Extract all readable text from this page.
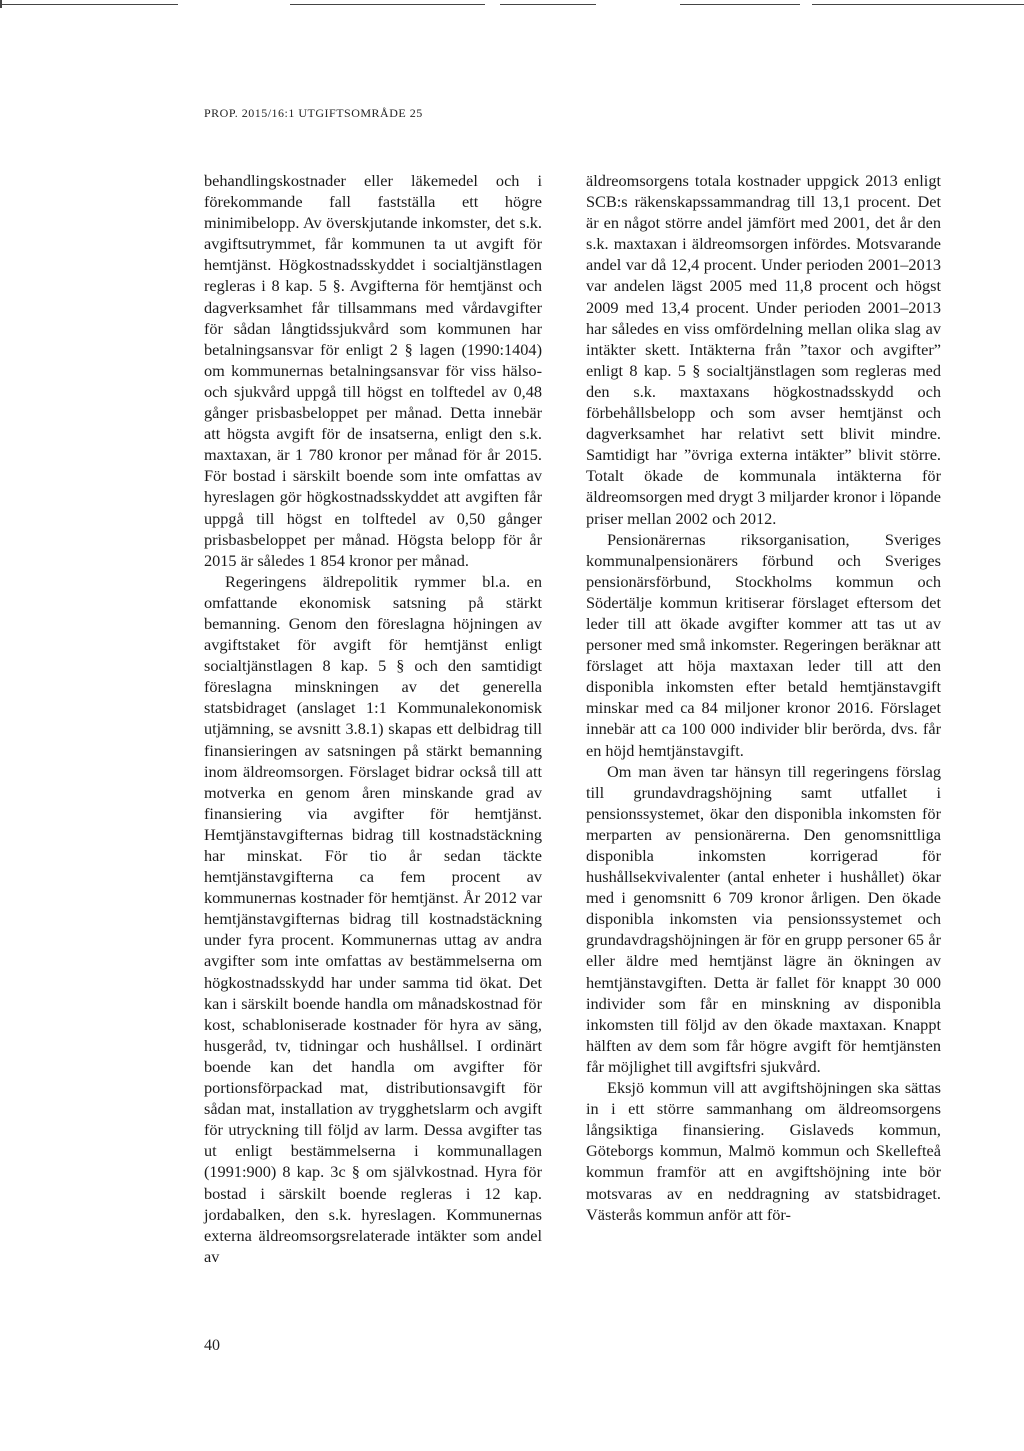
PROP. 2015/16:1 UTGIFTSOMRÅDE 25

behandlingskostnader eller läkemedel och i förekommande fall fastställa ett högre minimibelopp. Av överskjutande inkomster, det s.k. avgiftsutrymmet, får kommunen ta ut avgift för hemtjänst. Högkostnadsskyddet i socialtjänstlagen regleras i 8 kap. 5 §. Avgifterna för hemtjänst och dagverksamhet får tillsammans med vårdavgifter för sådan långtidssjukvård som kommunen har betalningsansvar för enligt 2 § lagen (1990:1404) om kommunernas betalningsansvar för viss hälso- och sjukvård uppgå till högst en tolftedel av 0,48 gånger prisbasbeloppet per månad. Detta innebär att högsta avgift för de insatserna, enligt den s.k. maxtaxan, är 1 780 kronor per månad för år 2015. För bostad i särskilt boende som inte omfattas av hyreslagen gör högkostnadsskyddet att avgiften får uppgå till högst en tolftedel av 0,50 gånger prisbasbeloppet per månad. Högsta belopp för år 2015 är således 1 854 kronor per månad.

Regeringens äldrepolitik rymmer bl.a. en omfattande ekonomisk satsning på stärkt bemanning. Genom den föreslagna höjningen av avgiftstaket för avgift för hemtjänst enligt socialtjänstlagen 8 kap. 5 § och den samtidigt föreslagna minskningen av det generella statsbidraget (anslaget 1:1 Kommunalekonomisk utjämning, se avsnitt 3.8.1) skapas ett delbidrag till finansieringen av satsningen på stärkt bemanning inom äldreomsorgen. Förslaget bidrar också till att motverka en genom åren minskande grad av finansiering via avgifter för hemtjänst. Hemtjänstavgifternas bidrag till kostnadstäckning har minskat. För tio år sedan täckte hemtjänstavgifterna ca fem procent av kommunernas kostnader för hemtjänst. År 2012 var hemtjänstavgifternas bidrag till kostnadstäckning under fyra procent. Kommunernas uttag av andra avgifter som inte omfattas av bestämmelserna om högkostnadsskydd har under samma tid ökat. Det kan i särskilt boende handla om månadskostnad för kost, schabloniserade kostnader för hyra av säng, husgeråd, tv, tidningar och hushållsel. I ordinärt boende kan det handla om avgifter för portionsförpackad mat, distributionsavgift för sådan mat, installation av trygghetslarm och avgift för utryckning till följd av larm. Dessa avgifter tas ut enligt bestämmelserna i kommunallagen (1991:900) 8 kap. 3c § om självkostnad. Hyra för bostad i särskilt boende regleras i 12 kap. jordabalken, den s.k. hyreslagen. Kommunernas externa äldreomsorgsrelaterade intäkter som andel av

äldreomsorgens totala kostnader uppgick 2013 enligt SCB:s räkenskapssammandrag till 13,1 procent. Det är en något större andel jämfört med 2001, det år den s.k. maxtaxan i äldreomsorgen infördes. Motsvarande andel var då 12,4 procent. Under perioden 2001–2013 var andelen lägst 2005 med 11,8 procent och högst 2009 med 13,4 procent. Under perioden 2001–2013 har således en viss omfördelning mellan olika slag av intäkter skett. Intäkterna från ”taxor och avgifter” enligt 8 kap. 5 § socialtjänstlagen som regleras med den s.k. maxtaxans högkostnadsskydd och förbehållsbelopp och som avser hemtjänst och dagverksamhet har relativt sett blivit mindre. Samtidigt har ”övriga externa intäkter” blivit större. Totalt ökade de kommunala intäkterna för äldreomsorgen med drygt 3 miljarder kronor i löpande priser mellan 2002 och 2012.

Pensionärernas riksorganisation, Sveriges kommunalpensionärers förbund och Sveriges pensionärsförbund, Stockholms kommun och Södertälje kommun kritiserar förslaget eftersom det leder till att ökade avgifter kommer att tas ut av personer med små inkomster. Regeringen beräknar att förslaget att höja maxtaxan leder till att den disponibla inkomsten efter betald hemtjänstavgift minskar med ca 84 miljoner kronor 2016. Förslaget innebär att ca 100 000 individer blir berörda, dvs. får en höjd hemtjänstavgift.

Om man även tar hänsyn till regeringens förslag till grundavdragshöjning samt utfallet i pensionssystemet, ökar den disponibla inkomsten för merparten av pensionärerna. Den genomsnittliga disponibla inkomsten korrigerad för hushållsekvivalenter (antal enheter i hushållet) ökar med i genomsnitt 6 709 kronor årligen. Den ökade disponibla inkomsten via pensionssystemet och grundavdragshöjningen är för en grupp personer 65 år eller äldre med hemtjänst lägre än ökningen av hemtjänstavgiften. Detta är fallet för knappt 30 000 individer som får en minskning av disponibla inkomsten till följd av den ökade maxtaxan. Knappt hälften av dem som får högre avgift för hemtjänsten får möjlighet till avgiftsfri sjukvård.

Eksjö kommun vill att avgiftshöjningen ska sättas in i ett större sammanhang om äldreomsorgens långsiktiga finansiering. Gislaveds kommun, Göteborgs kommun, Malmö kommun och Skellefteå kommun framför att en avgiftshöjning inte bör motsvaras av en neddragning av statsbidraget. Västerås kommun anför att för-

40
